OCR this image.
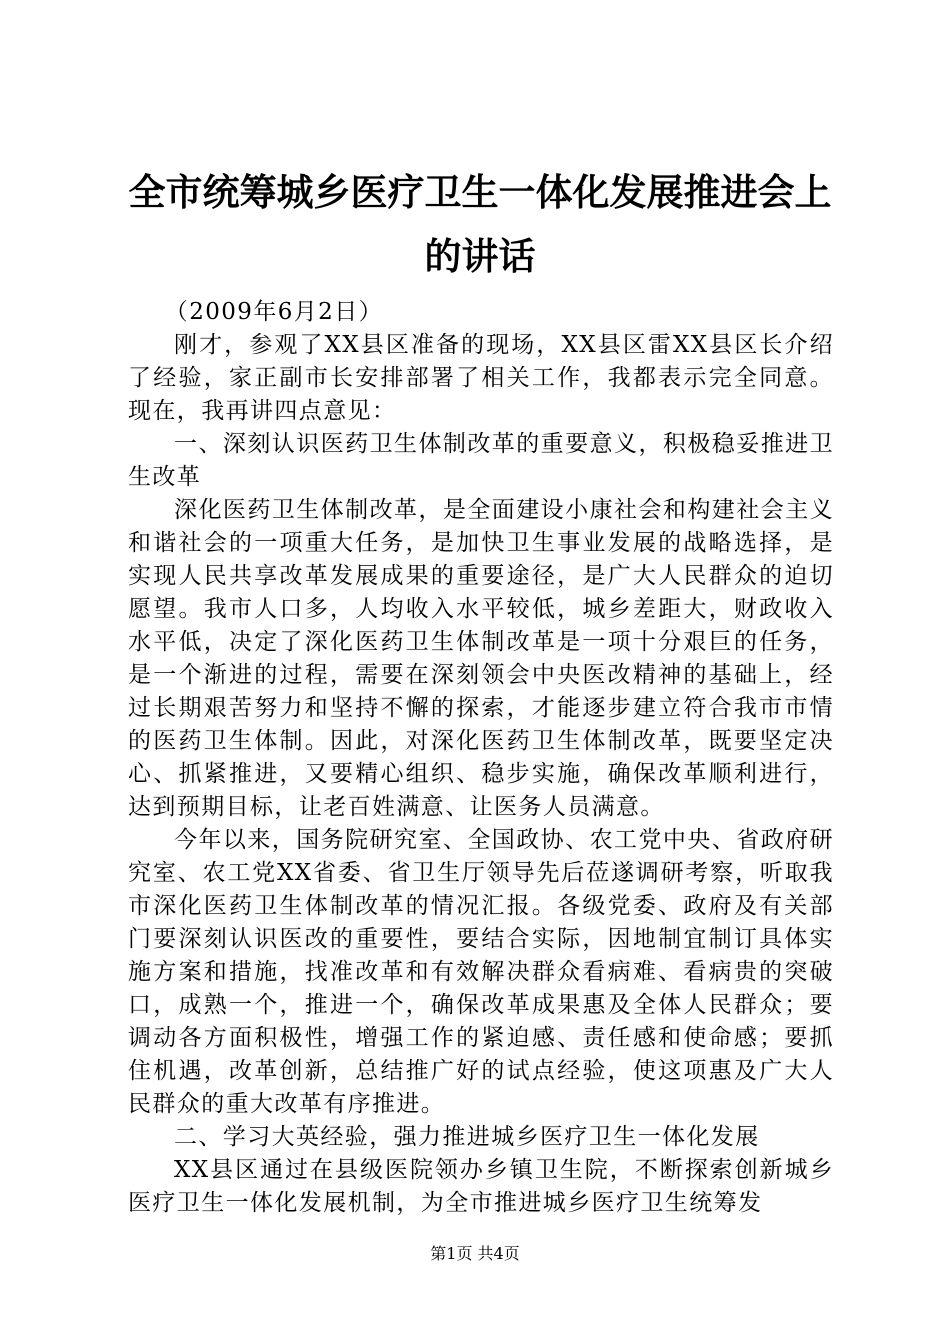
全市统筹城乡医疗卫生一体化发展推进会上的讲话

（2009年6月2日）

刚才，参观了XX县区准备的现场，XX县区雷XX县区长介绍了经验，家正副市长安排部署了相关工作，我都表示完全同意。现在，我再讲四点意见：

一、深刻认识医药卫生体制改革的重要意义，积极稳妥推进卫生改革

深化医药卫生体制改革，是全面建设小康社会和构建社会主义和谐社会的一项重大任务，是加快卫生事业发展的战略选择，是实现人民共享改革发展成果的重要途径，是广大人民群众的迫切愿望。我市人口多，人均收入水平较低，城乡差距大，财政收入水平低，决定了深化医药卫生体制改革是一项十分艰巨的任务，是一个渐进的过程，需要在深刻领会中央医改精神的基础上，经过长期艰苦努力和坚持不懈的探索，才能逐步建立符合我市市情的医药卫生体制。因此，对深化医药卫生体制改革，既要坚定决心、抓紧推进，又要精心组织、稳步实施，确保改革顺利进行，达到预期目标，让老百姓满意、让医务人员满意。

今年以来，国务院研究室、全国政协、农工党中央、省政府研究室、农工党XX省委、省卫生厅领导先后莅遂调研考察，听取我市深化医药卫生体制改革的情况汇报。各级党委、政府及有关部门要深刻认识医改的重要性，要结合实际，因地制宜制订具体实施方案和措施，找准改革和有效解决群众看病难、看病贵的突破口，成熟一个，推进一个，确保改革成果惠及全体人民群众；要调动各方面积极性，增强工作的紧迫感、责任感和使命感；要抓住机遇，改革创新，总结推广好的试点经验，使这项惠及广大人民群众的重大改革有序推进。

二、学习大英经验，强力推进城乡医疗卫生一体化发展

XX县区通过在县级医院领办乡镇卫生院，不断探索创新城乡医疗卫生一体化发展机制，为全市推进城乡医疗卫生统筹发

第1页 共4页
